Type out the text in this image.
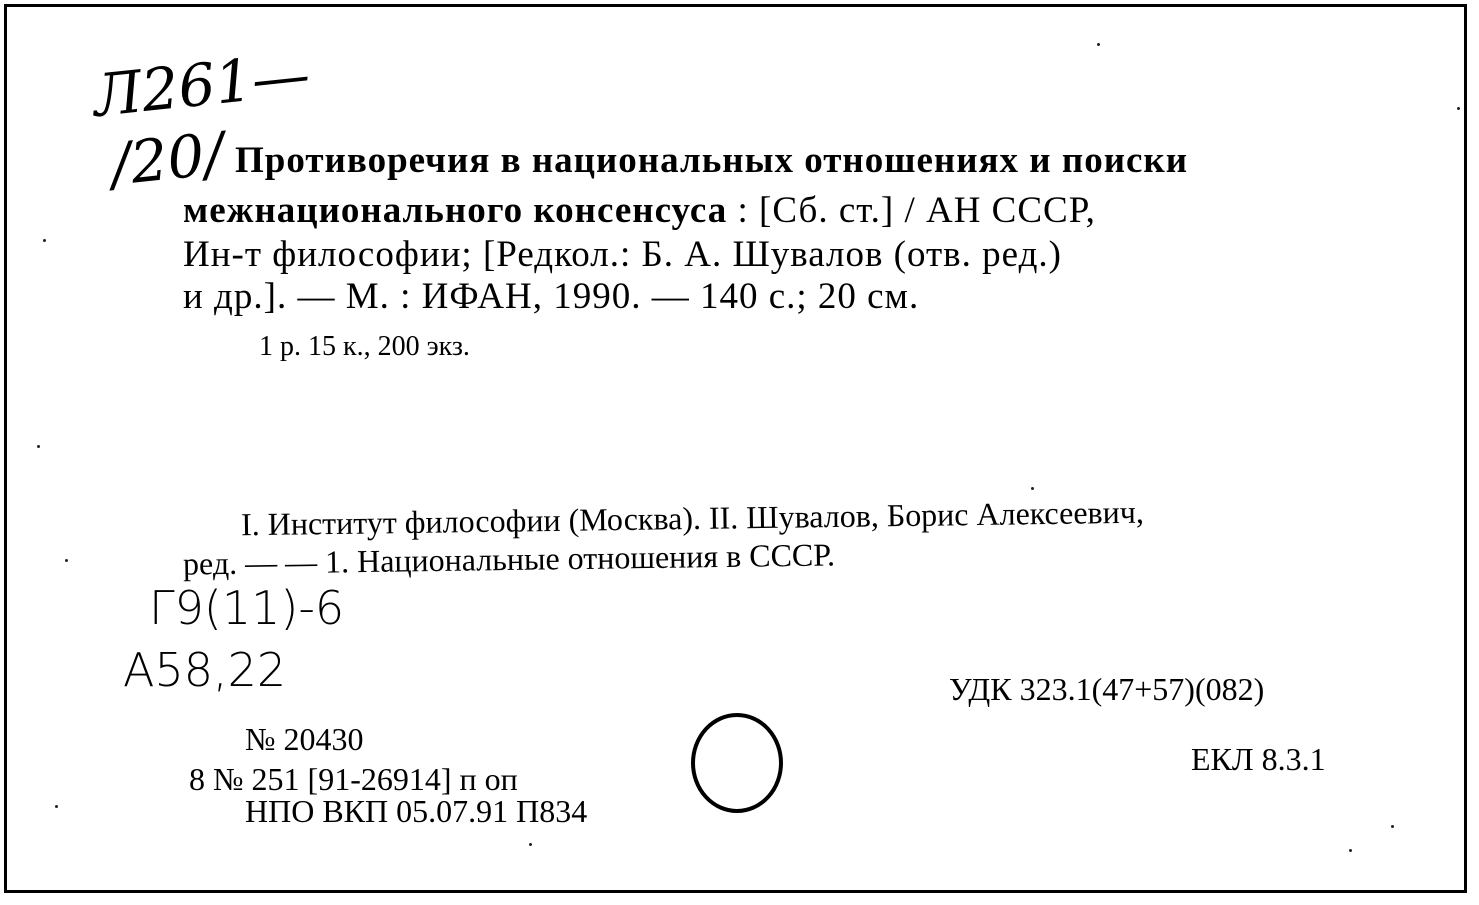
Л261—
/20/ Противоречия в национальных отношениях и поиски
межнационального консенсуса : [Сб. ст.] / АН СССР,
Ин-т философии; [Редкол.: Б. А. Шувалов (отв. ред.)
и др.]. — М. : ИФАН, 1990. — 140 с.; 20 см.
1 р. 15 к., 200 экз.
I. Институт философии (Москва). II. Шувалов, Борис Алексеевич,
ред. — — 1. Национальные отношения в СССР.
Г9(11)-6
А58,22	УДК 323.1(47+57)(082)
ЕКЛ 8.3.1
№ 20430
8 № 251 [91-26914] п оп
НПО ВКП 05.07.91 П834
